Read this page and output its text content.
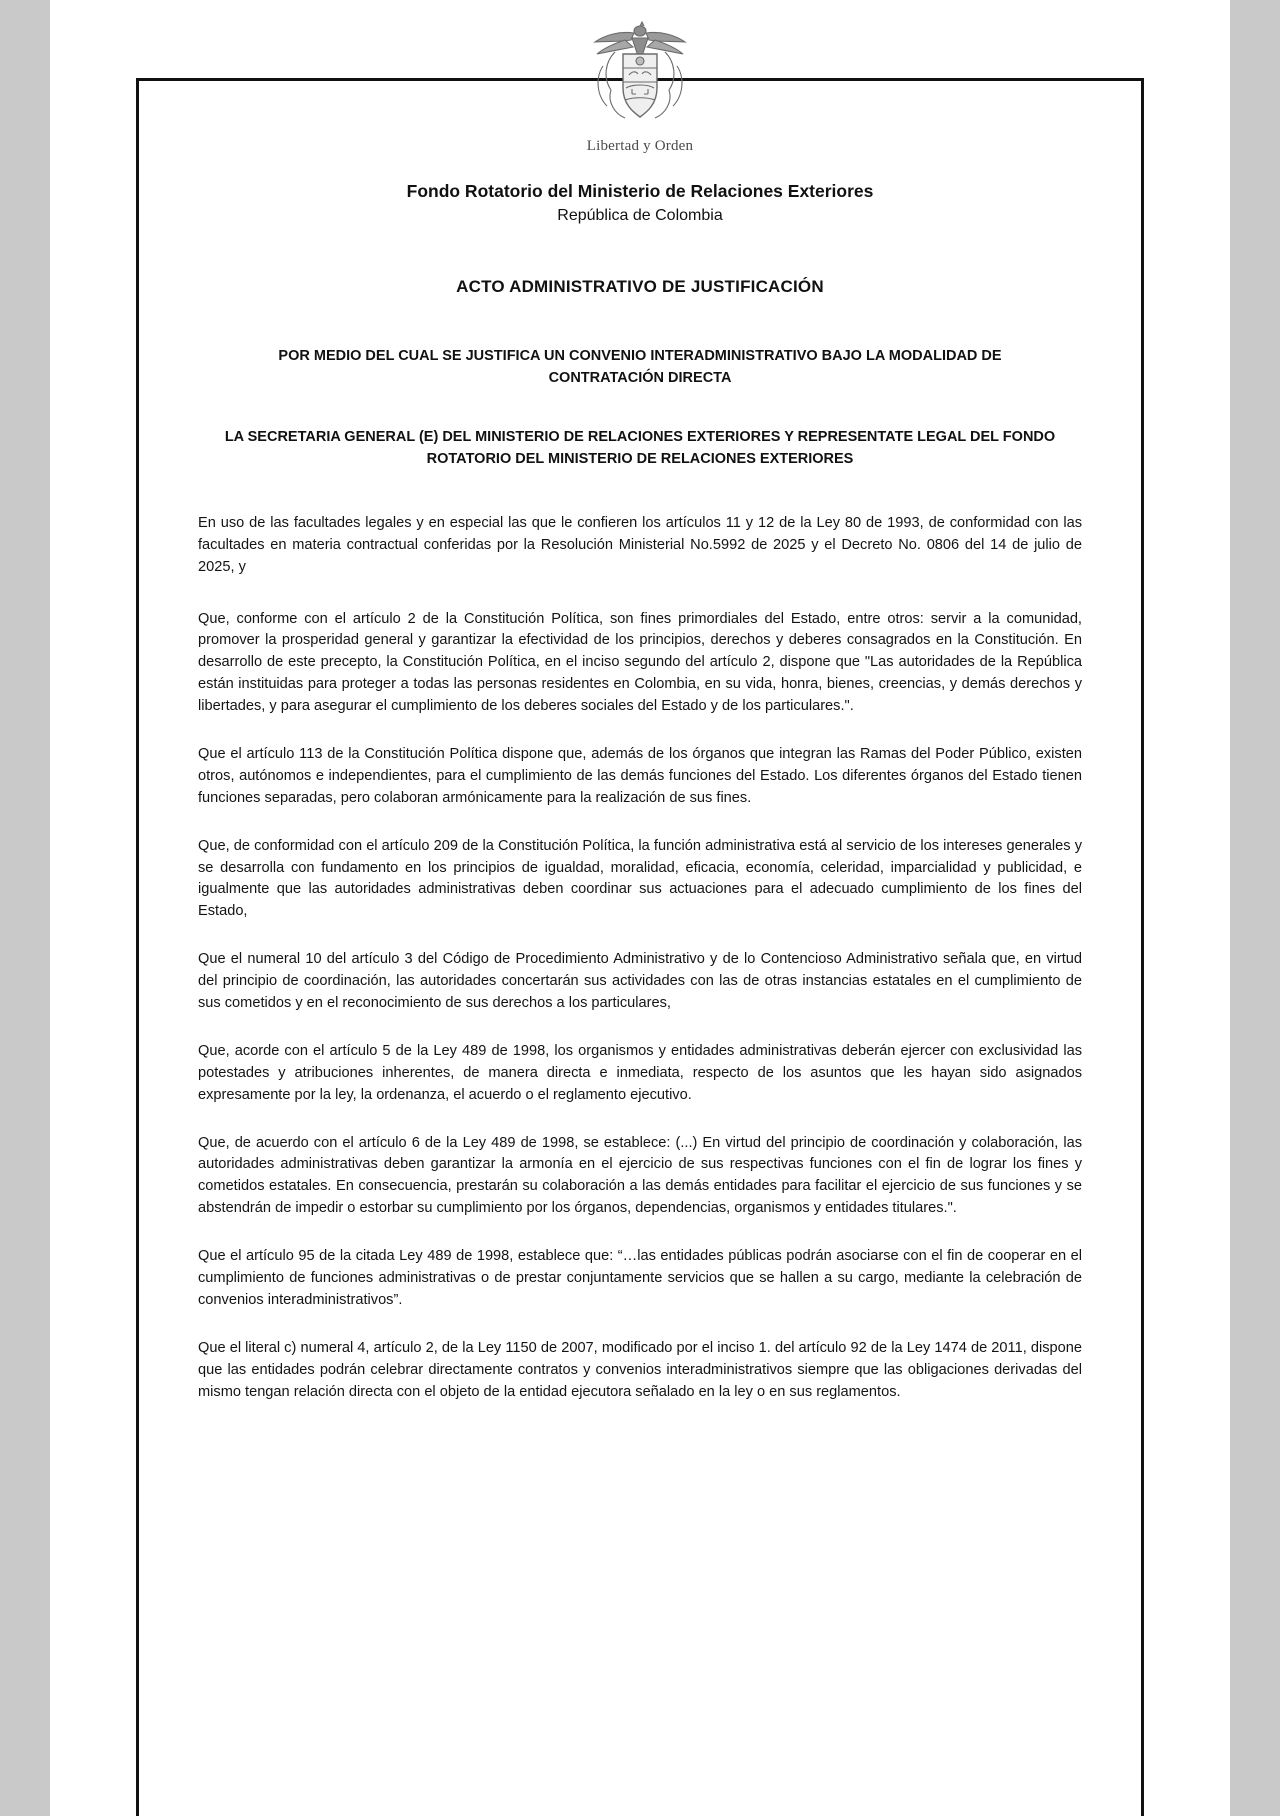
Libertad y Orden
Fondo Rotatorio del Ministerio de Relaciones Exteriores
República de Colombia
ACTO ADMINISTRATIVO DE JUSTIFICACIÓN
POR MEDIO DEL CUAL SE JUSTIFICA UN CONVENIO INTERADMINISTRATIVO BAJO LA MODALIDAD DE CONTRATACIÓN DIRECTA
LA SECRETARIA GENERAL (E) DEL MINISTERIO DE RELACIONES EXTERIORES Y REPRESENTATE LEGAL DEL FONDO ROTATORIO DEL MINISTERIO DE RELACIONES EXTERIORES

En uso de las facultades legales y en especial las que le confieren los artículos 11 y 12 de la Ley 80 de 1993, de conformidad con las facultades en materia contractual conferidas por la Resolución Ministerial No.5992 de 2025 y el Decreto No. 0806 del 14 de julio de 2025, y

Que, conforme con el artículo 2 de la Constitución Política, son fines primordiales del Estado, entre otros: servir a la comunidad, promover la prosperidad general y garantizar la efectividad de los principios, derechos y deberes consagrados en la Constitución. En desarrollo de este precepto, la Constitución Política, en el inciso segundo del artículo 2, dispone que "Las autoridades de la República están instituidas para proteger a todas las personas residentes en Colombia, en su vida, honra, bienes, creencias, y demás derechos y libertades, y para asegurar el cumplimiento de los deberes sociales del Estado y de los particulares.".

Que el artículo 113 de la Constitución Política dispone que, además de los órganos que integran las Ramas del Poder Público, existen otros, autónomos e independientes, para el cumplimiento de las demás funciones del Estado. Los diferentes órganos del Estado tienen funciones separadas, pero colaboran armónicamente para la realización de sus fines.

Que, de conformidad con el artículo 209 de la Constitución Política, la función administrativa está al servicio de los intereses generales y se desarrolla con fundamento en los principios de igualdad, moralidad, eficacia, economía, celeridad, imparcialidad y publicidad, e igualmente que las autoridades administrativas deben coordinar sus actuaciones para el adecuado cumplimiento de los fines del Estado,

Que el numeral 10 del artículo 3 del Código de Procedimiento Administrativo y de lo Contencioso Administrativo señala que, en virtud del principio de coordinación, las autoridades concertarán sus actividades con las de otras instancias estatales en el cumplimiento de sus cometidos y en el reconocimiento de sus derechos a los particulares,

Que, acorde con el artículo 5 de la Ley 489 de 1998, los organismos y entidades administrativas deberán ejercer con exclusividad las potestades y atribuciones inherentes, de manera directa e inmediata, respecto de los asuntos que les hayan sido asignados expresamente por la ley, la ordenanza, el acuerdo o el reglamento ejecutivo.

Que, de acuerdo con el artículo 6 de la Ley 489 de 1998, se establece: (...) En virtud del principio de coordinación y colaboración, las autoridades administrativas deben garantizar la armonía en el ejercicio de sus respectivas funciones con el fin de lograr los fines y cometidos estatales. En consecuencia, prestarán su colaboración a las demás entidades para facilitar el ejercicio de sus funciones y se abstendrán de impedir o estorbar su cumplimiento por los órganos, dependencias, organismos y entidades titulares.".

Que el artículo 95 de la citada Ley 489 de 1998, establece que: “…las entidades públicas podrán asociarse con el fin de cooperar en el cumplimiento de funciones administrativas o de prestar conjuntamente servicios que se hallen a su cargo, mediante la celebración de convenios interadministrativos”.

Que el literal c) numeral 4, artículo 2, de la Ley 1150 de 2007, modificado por el inciso 1. del artículo 92 de la Ley 1474 de 2011, dispone que las entidades podrán celebrar directamente contratos y convenios interadministrativos siempre que las obligaciones derivadas del mismo tengan relación directa con el objeto de la entidad ejecutora señalado en la ley o en sus reglamentos.
